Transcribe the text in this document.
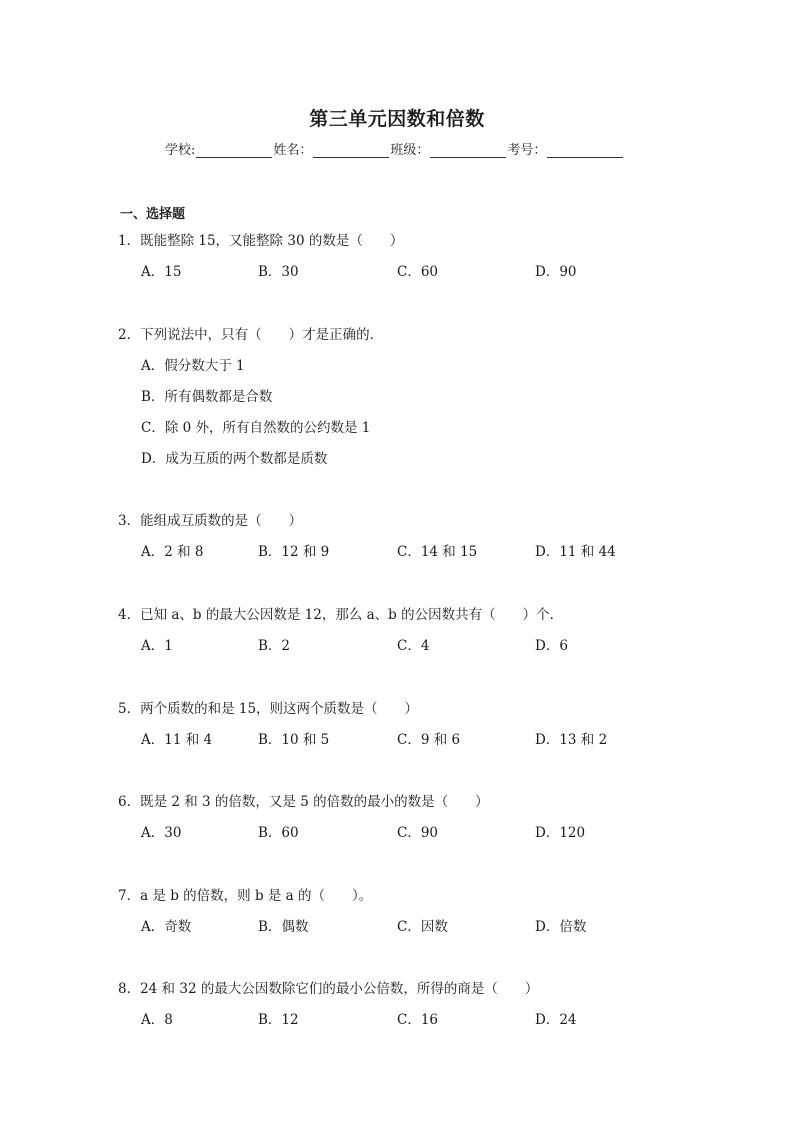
第三单元因数和倍数
学校:	姓名：	班级：	考号：
一、选择题
1．既能整除 15，又能整除 30 的数是（　　）
A．15	B．30	C．60	D．90
2．下列说法中，只有（　　）才是正确的．
A．假分数大于 1
B．所有偶数都是合数
C．除 0 外，所有自然数的公约数是 1
D．成为互质的两个数都是质数
3．能组成互质数的是（　　）
A．2 和 8	B．12 和 9	C．14 和 15	D．11 和 44
4．已知 a、b 的最大公因数是 12，那么 a、b 的公因数共有（　　）个．
A．1	B．2	C．4	D．6
5．两个质数的和是 15，则这两个质数是（　　）
A．11 和 4	B．10 和 5	C．9 和 6	D．13 和 2
6．既是 2 和 3 的倍数，又是 5 的倍数的最小的数是（　　）
A．30	B．60	C．90	D．120
7．a 是 b 的倍数，则 b 是 a 的（　　）。
A．奇数	B．偶数	C．因数	D．倍数
8．24 和 32 的最大公因数除它们的最小公倍数，所得的商是（　　）
A．8	B．12	C．16	D．24
